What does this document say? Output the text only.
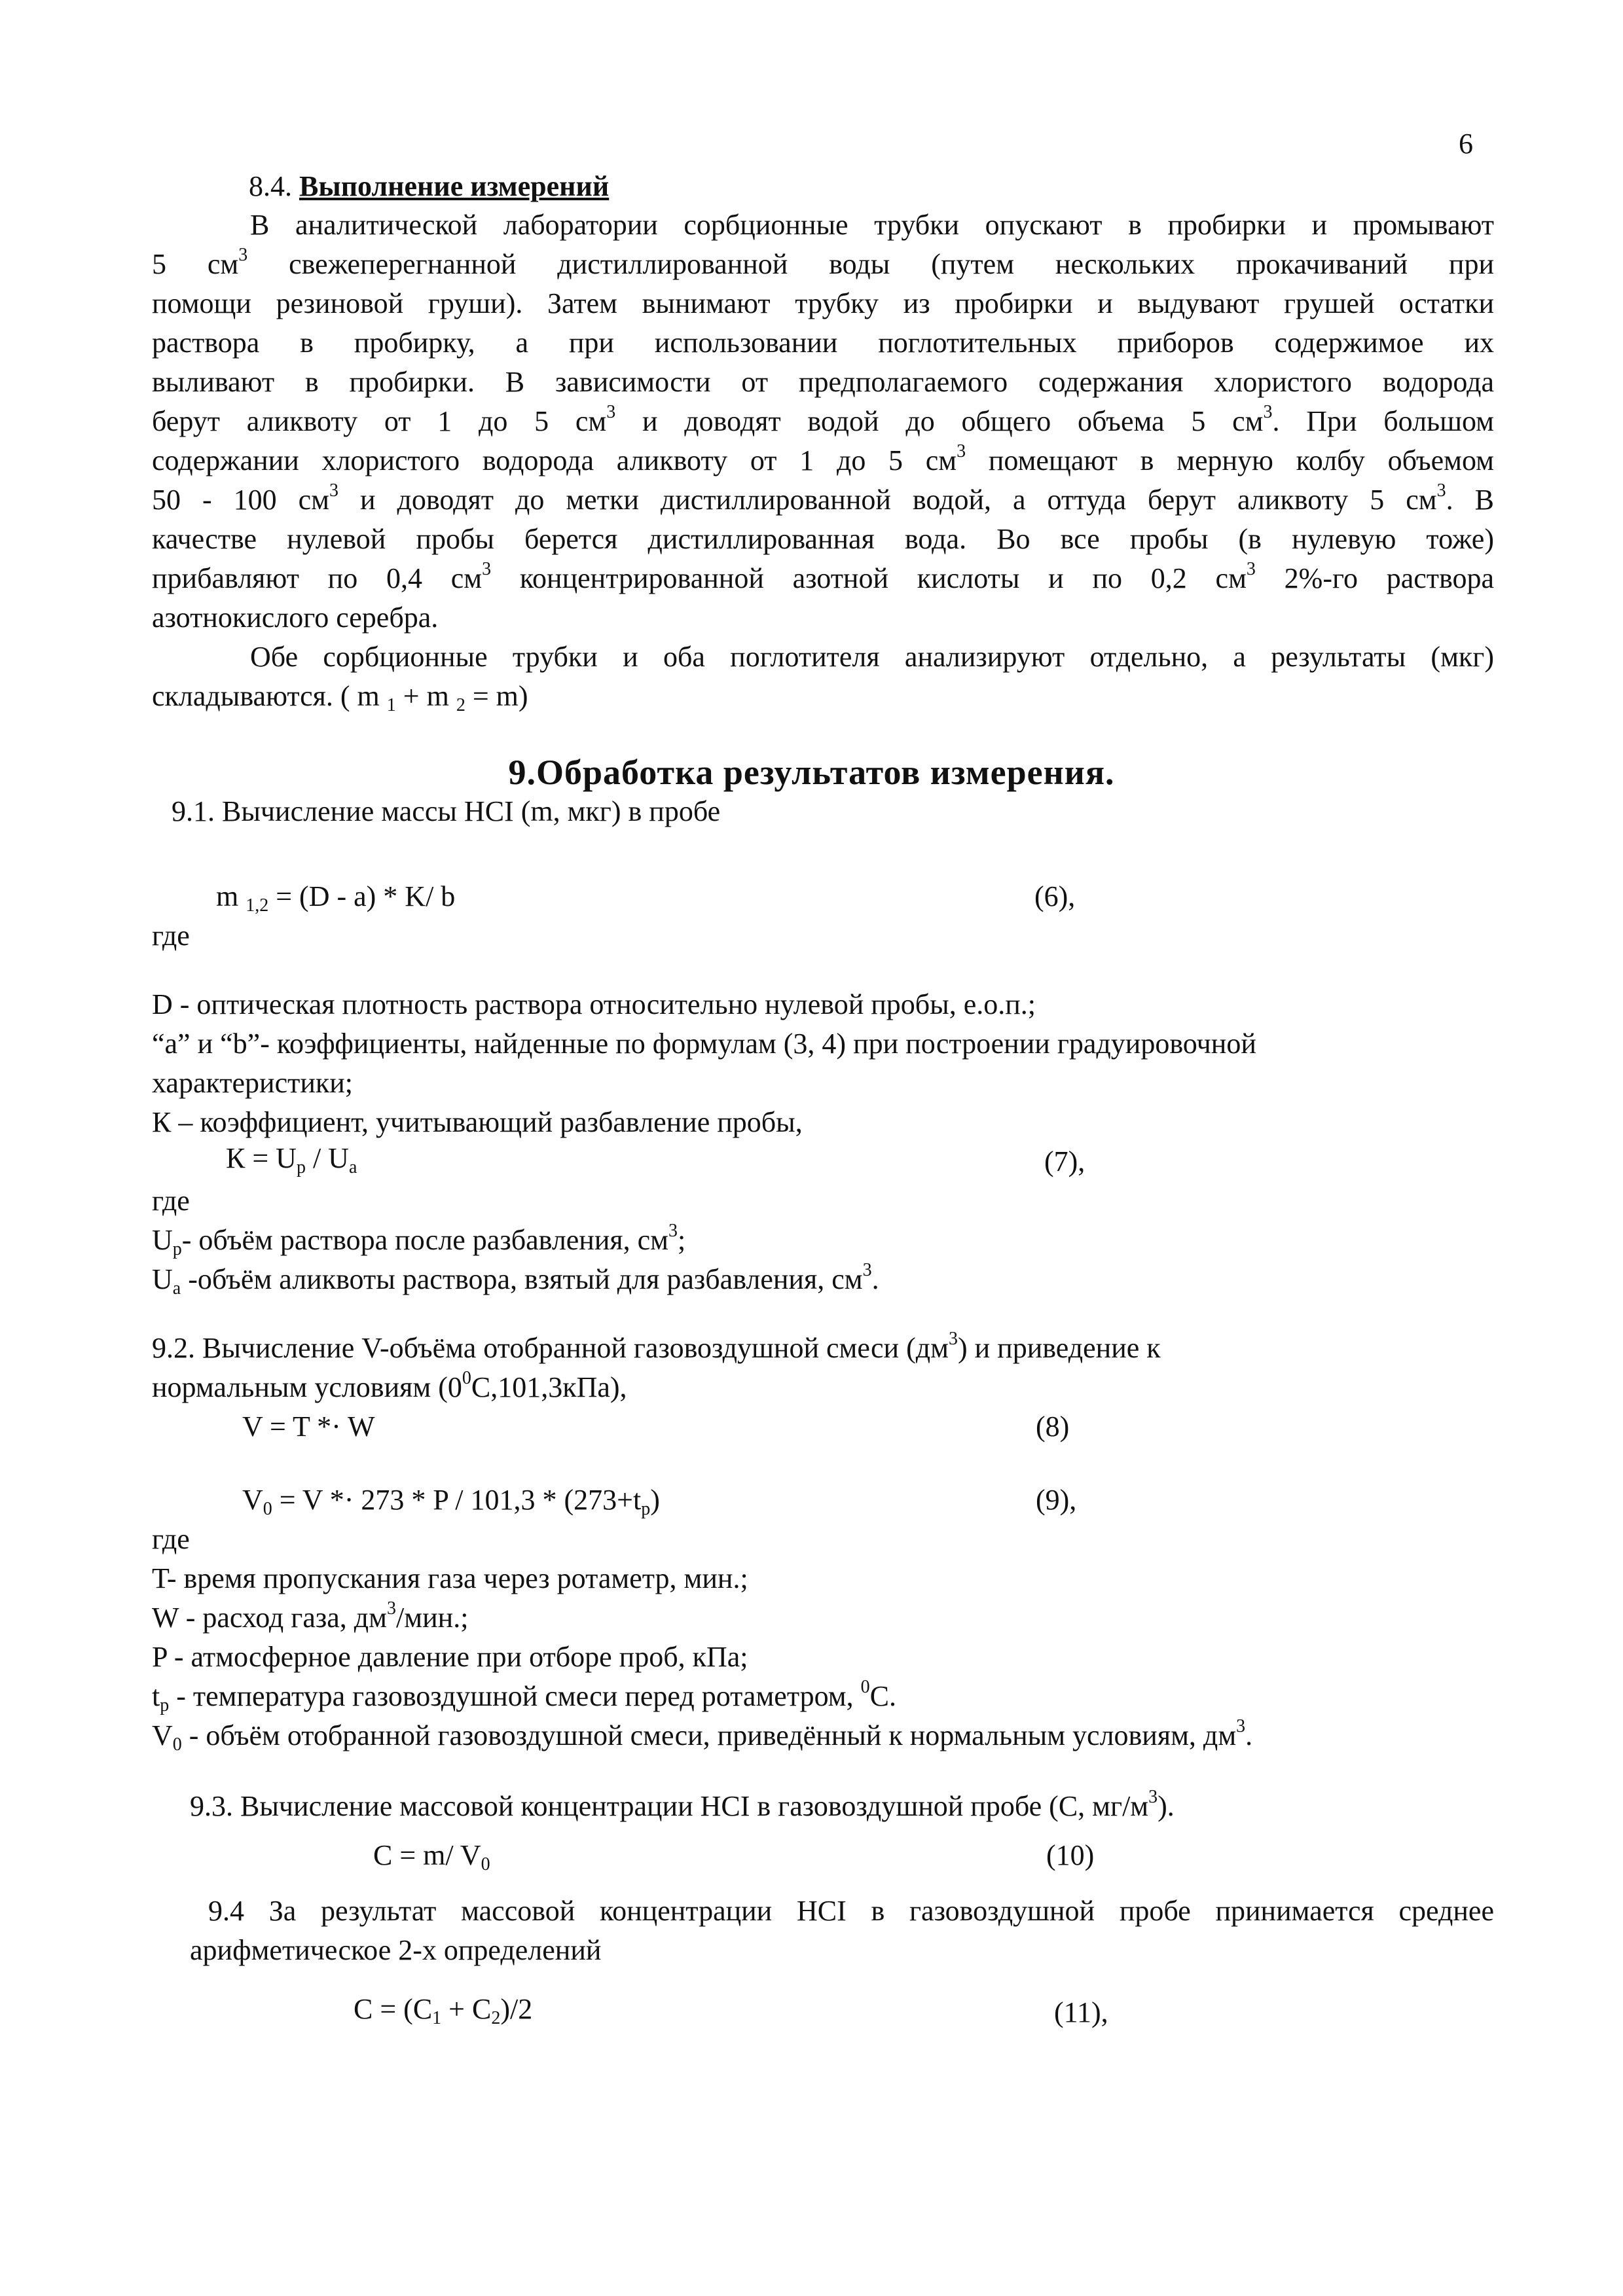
6
8.4. Выполнение измерений
В аналитической лаборатории сорбционные трубки опускают в пробирки и промывают
5 $см^3$ свежеперегнанной дистиллированной воды (путем нескольких прокачиваний при
помощи резиновой груши). Затем вынимают трубку из пробирки и выдувают грушей остатки
раствора в пробирку, а при использовании поглотительных приборов содержимое их
выливают в пробирки. В зависимости от предполагаемого содержания хлористого водорода
берут аликвоту от 1 до 5 $см^3$ и доводят водой до общего объема 5 $см^3$. При большом
содержании хлористого водорода аликвоту от 1 до 5 $см^3$ помещают в мерную колбу объемом
50 - 100 $см^3$ и доводят до метки дистиллированной водой, а оттуда берут аликвоту 5 $см^3$. В
качестве нулевой пробы берется дистиллированная вода. Во все пробы (в нулевую тоже)
прибавляют по 0,4 $см^3$ концентрированной азотной кислоты и по 0,2 $см^3$ 2%-го раствора
азотнокислого серебра.
Обе сорбционные трубки и оба поглотителя анализируют отдельно, а результаты (мкг)
складываются. ( m $_1$ + m $_2$ = m)
9.Обработка результатов измерения.
9.1. Вычисление массы HCI (m, мкг) в пробе
m $_{1,2}$ = (D - a) * K/ b	(6),
где
D - оптическая плотность раствора относительно нулевой пробы, е.о.п.;
“a” и “b”- коэффициенты, найденные по формулам (3, 4) при построении градуировочной
характеристики;
К – коэффициент, учитывающий разбавление пробы,
$К = U_p / U_a$	(7),
где
$U_p-$ объём раствора после разбавления, $см^3$;
$U_a$ -объём аликвоты раствора, взятый для разбавления, $см^3$.
9.2. Вычисление V-объёма отобранной газовоздушной смеси $(дм^3)$ и приведение к
нормальным условиям $(0^0С,101,3кПа)$,
V = T *· W	(8)
$V_0 = V *\cdot 273 * P / 101,3 * (273+t_p)$	(9),
где
T- время пропускания газа через ротаметр, мин.;
W - расход газа, $дм^3$/мин.;
P - атмосферное давление при отборе проб, кПа;
$t_p$ - температура газовоздушной смеси перед ротаметром, $^0$C.
$V_0$ - объём отобранной газовоздушной смеси, приведённый к нормальным условиям, $дм^3$.
9.3. Вычисление массовой концентрации HCI в газовоздушной пробе (C, $мг/м^3$).
C = m/ $V_0$	(10)
9.4 За результат массовой концентрации HCI в газовоздушной пробе принимается среднее
арифметическое 2-х определений
$C = (C_1 + C_2)/2$	(11),
